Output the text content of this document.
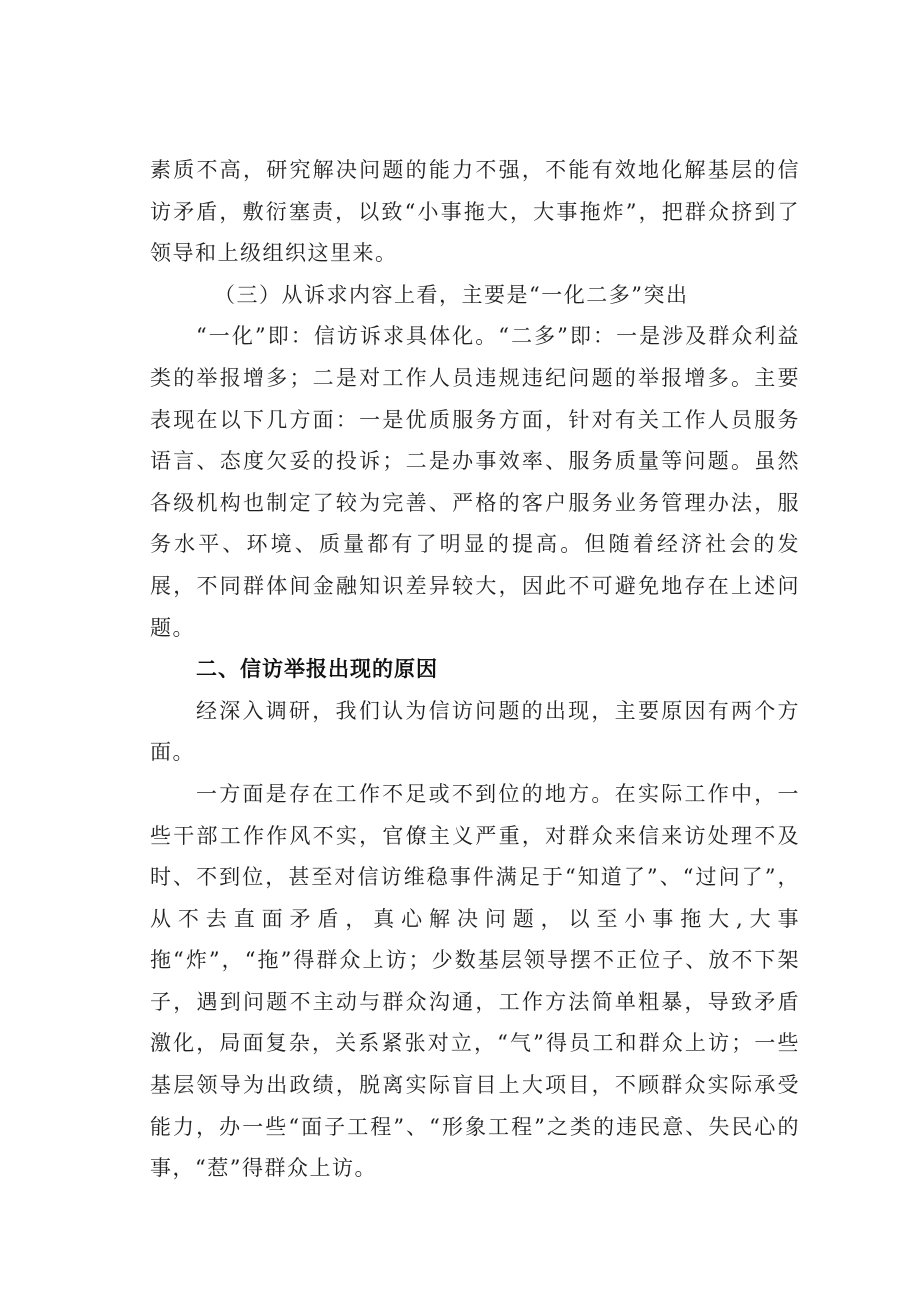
素质不高，研究解决问题的能力不强，不能有效地化解基层的信访矛盾，敷衍塞责，以致“小事拖大，大事拖炸”，把群众挤到了领导和上级组织这里来。

（三）从诉求内容上看，主要是“一化二多”突出

“一化”即：信访诉求具体化。“二多”即：一是涉及群众利益类的举报增多；二是对工作人员违规违纪问题的举报增多。主要表现在以下几方面：一是优质服务方面，针对有关工作人员服务语言、态度欠妥的投诉；二是办事效率、服务质量等问题。虽然各级机构也制定了较为完善、严格的客户服务业务管理办法，服务水平、环境、质量都有了明显的提高。但随着经济社会的发展，不同群体间金融知识差异较大，因此不可避免地存在上述问题。

二、信访举报出现的原因

经深入调研，我们认为信访问题的出现，主要原因有两个方面。

一方面是存在工作不足或不到位的地方。在实际工作中，一些干部工作作风不实，官僚主义严重，对群众来信来访处理不及时、不到位，甚至对信访维稳事件满足于“知道了”、“过问了”，从不去直面矛盾，真心解决问题，以至小事拖大,大事拖“炸”，“拖”得群众上访；少数基层领导摆不正位子、放不下架子，遇到问题不主动与群众沟通，工作方法简单粗暴，导致矛盾激化，局面复杂，关系紧张对立，“气”得员工和群众上访；一些基层领导为出政绩，脱离实际盲目上大项目，不顾群众实际承受能力，办一些“面子工程”、“形象工程”之类的违民意、失民心的事，“惹”得群众上访。
